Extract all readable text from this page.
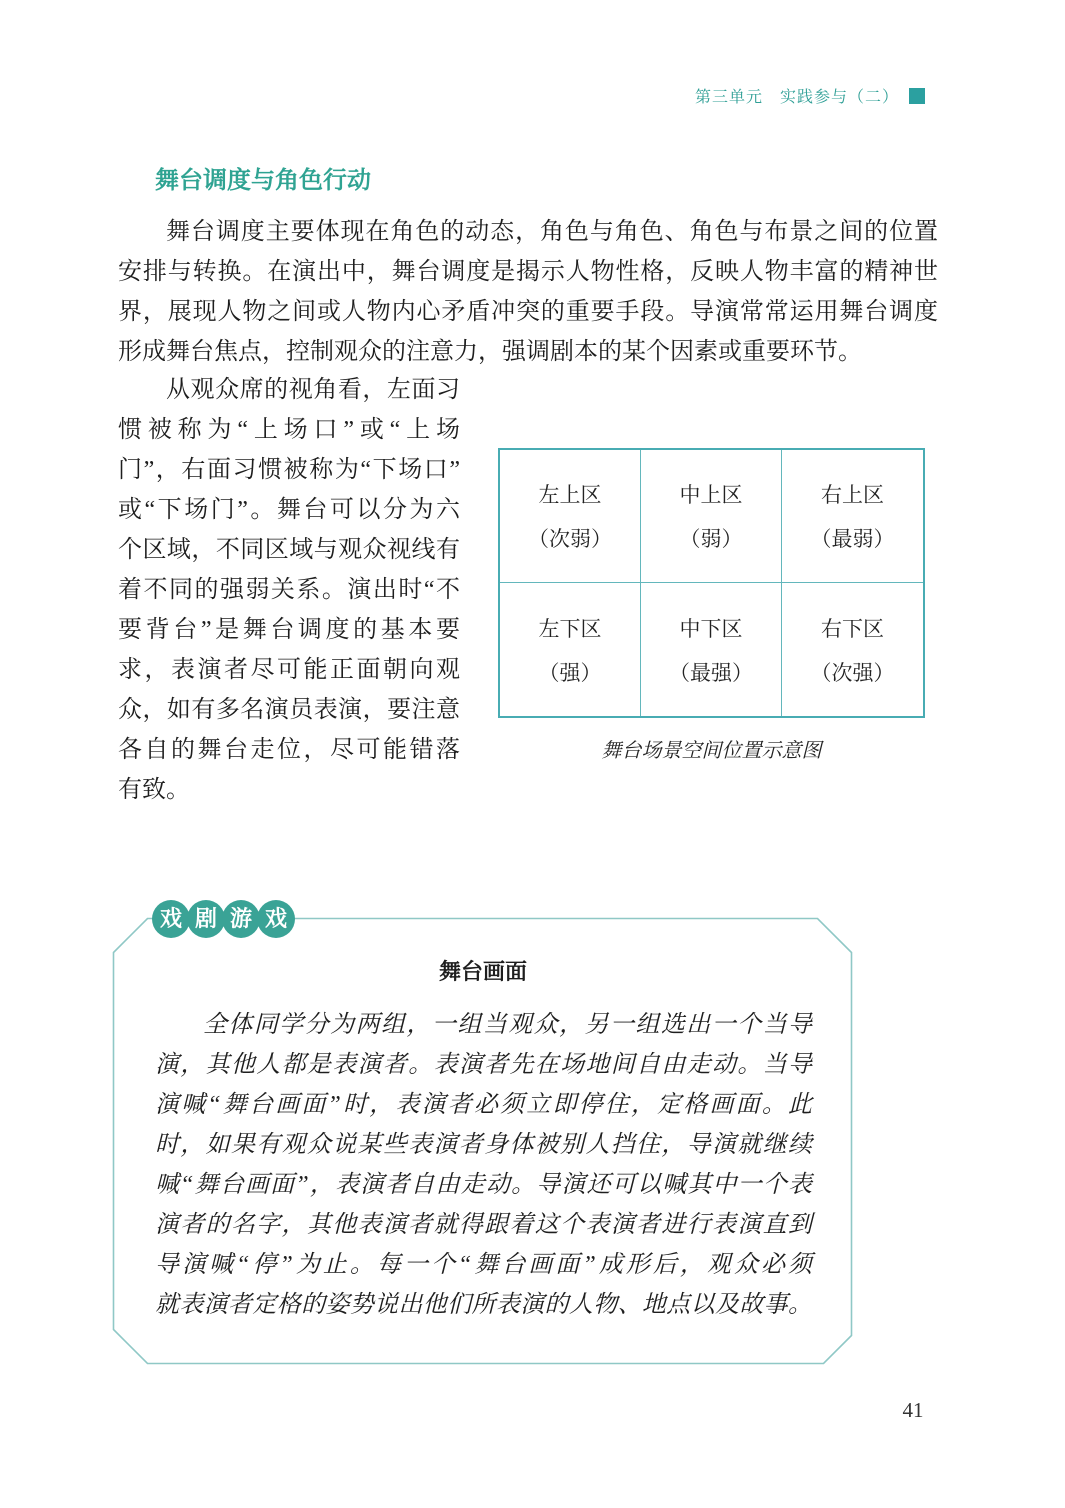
第三单元　实践参与（二）
舞台调度与角色行动
舞台调度主要体现在角色的动态，角色与角色、角色与布景之间的位置
安排与转换。在演出中，舞台调度是揭示人物性格，反映人物丰富的精神世
界，展现人物之间或人物内心矛盾冲突的重要手段。导演常常运用舞台调度
形成舞台焦点，控制观众的注意力，强调剧本的某个因素或重要环节。
从观众席的视角看，左面习
惯被称为“上场口”或“上场
门”，右面习惯被称为“下场口”
或“下场门”。舞台可以分为六
个区域，不同区域与观众视线有
着不同的强弱关系。演出时“不
要背台”是舞台调度的基本要
求，表演者尽可能正面朝向观
众，如有多名演员表演，要注意
各自的舞台走位，尽可能错落
有致。
左上区
（次弱）
中上区
（弱）
右上区
（最弱）
左下区
（强）
中下区
（最强）
右下区
（次强）
舞台场景空间位置示意图
戏 剧 游 戏
舞台画面
全体同学分为两组，一组当观众，另一组选出一个当导
演，其他人都是表演者。表演者先在场地间自由走动。当导
演喊“舞台画面”时，表演者必须立即停住，定格画面。此
时，如果有观众说某些表演者身体被别人挡住，导演就继续
喊“舞台画面”，表演者自由走动。导演还可以喊其中一个表
演者的名字，其他表演者就得跟着这个表演者进行表演直到
导演喊“停”为止。每一个“舞台画面”成形后，观众必须
就表演者定格的姿势说出他们所表演的人物、地点以及故事。
41
